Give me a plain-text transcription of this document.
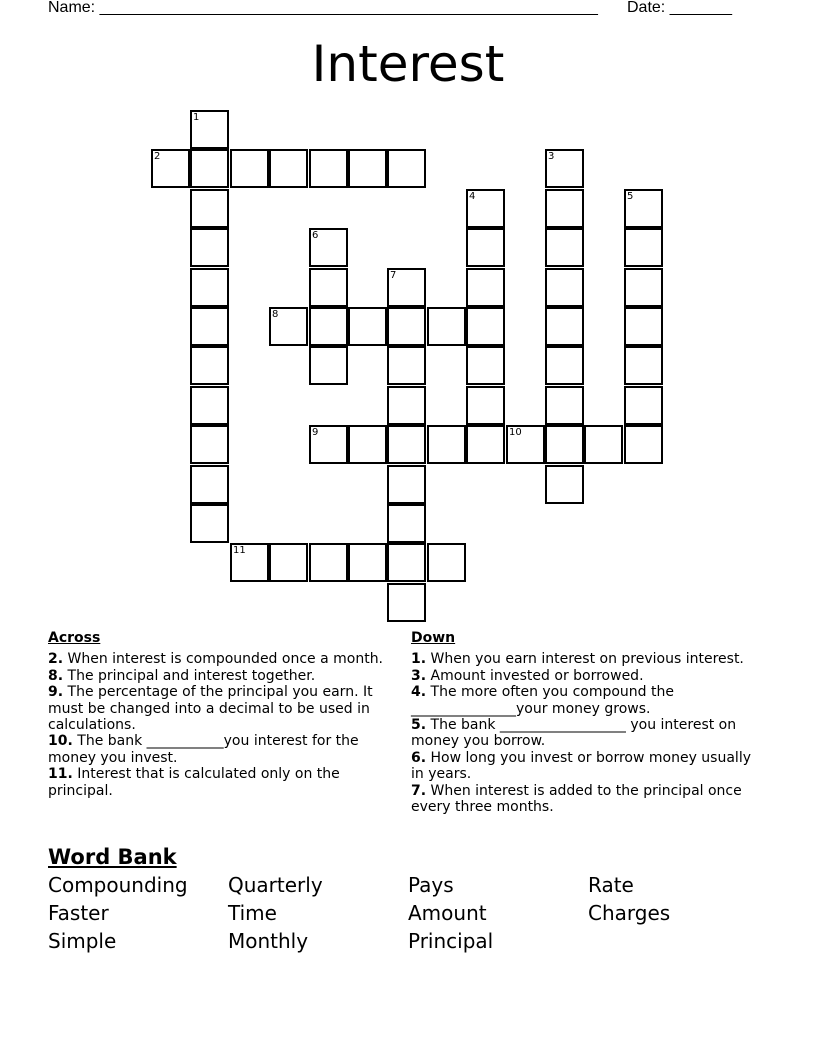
Name: ________________________________________________________ Date: _______
Interest
1
2	3
4	5
6
7
8
9	10
11
Across
2. When interest is compounded once a month.
8. The principal and interest together.
9. The percentage of the principal you earn. It must be changed into a decimal to be used in calculations.
10. The bank ___________you interest for the money you invest.
11. Interest that is calculated only on the principal.
Down
1. When you earn interest on previous interest.
3. Amount invested or borrowed.
4. The more often you compound the _______________your money grows.
5. The bank __________________ you interest on money you borrow.
6. How long you invest or borrow money usually in years.
7. When interest is added to the principal once every three months.
Word Bank
Compounding Quarterly	Pays	Rate
Faster	Time	Amount	Charges
Simple	Monthly	Principal
